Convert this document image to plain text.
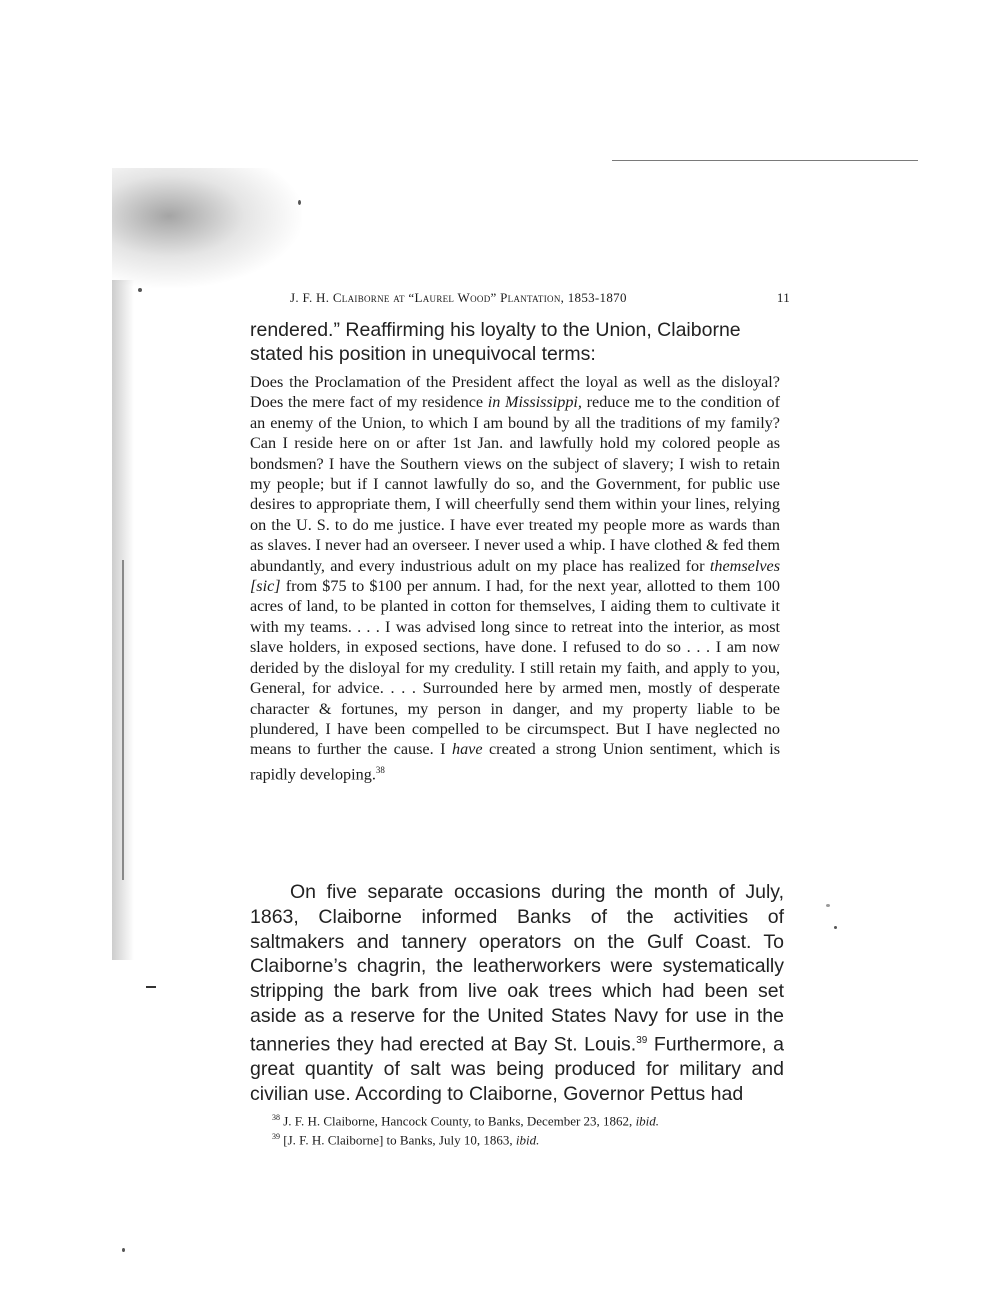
J. F. H. Claiborne at “Laurel Wood” Plantation, 1853-1870	11

rendered.” Reaffirming his loyalty to the Union, Claiborne stated his position in unequivocal terms:

Does the Proclamation of the President affect the loyal as well as the disloyal? Does the mere fact of my residence in Mississippi, reduce me to the condition of an enemy of the Union, to which I am bound by all the traditions of my family? Can I reside here on or after 1st Jan. and lawfully hold my colored people as bondsmen? I have the Southern views on the subject of slavery; I wish to retain my people; but if I cannot lawfully do so, and the Government, for public use desires to appropriate them, I will cheerfully send them within your lines, relying on the U. S. to do me justice. I have ever treated my people more as wards than as slaves. I never had an overseer. I never used a whip. I have clothed & fed them abundantly, and every industrious adult on my place has realized for themselves [sic] from $75 to $100 per annum. I had, for the next year, allotted to them 100 acres of land, to be planted in cotton for themselves, I aiding them to cultivate it with my teams. . . . I was advised long since to retreat into the interior, as most slave holders, in exposed sections, have done. I refused to do so . . . I am now derided by the disloyal for my credulity. I still retain my faith, and apply to you, General, for advice. . . . Surrounded here by armed men, mostly of desperate character & fortunes, my person in danger, and my property liable to be plundered, I have been compelled to be circumspect. But I have neglected no means to further the cause. I have created a strong Union sentiment, which is rapidly developing.$^{38}$

On five separate occasions during the month of July, 1863, Claiborne informed Banks of the activities of saltmakers and tannery operators on the Gulf Coast. To Claiborne’s chagrin, the leatherworkers were systematically stripping the bark from live oak trees which had been set aside as a reserve for the United States Navy for use in the tanneries they had erected at Bay St. Louis.$^{39}$ Furthermore, a great quantity of salt was being produced for military and civilian use. According to Claiborne, Governor Pettus had

$^{38}$ J. F. H. Claiborne, Hancock County, to Banks, December 23, 1862, ibid.

$^{39}$ [J. F. H. Claiborne] to Banks, July 10, 1863, ibid.
